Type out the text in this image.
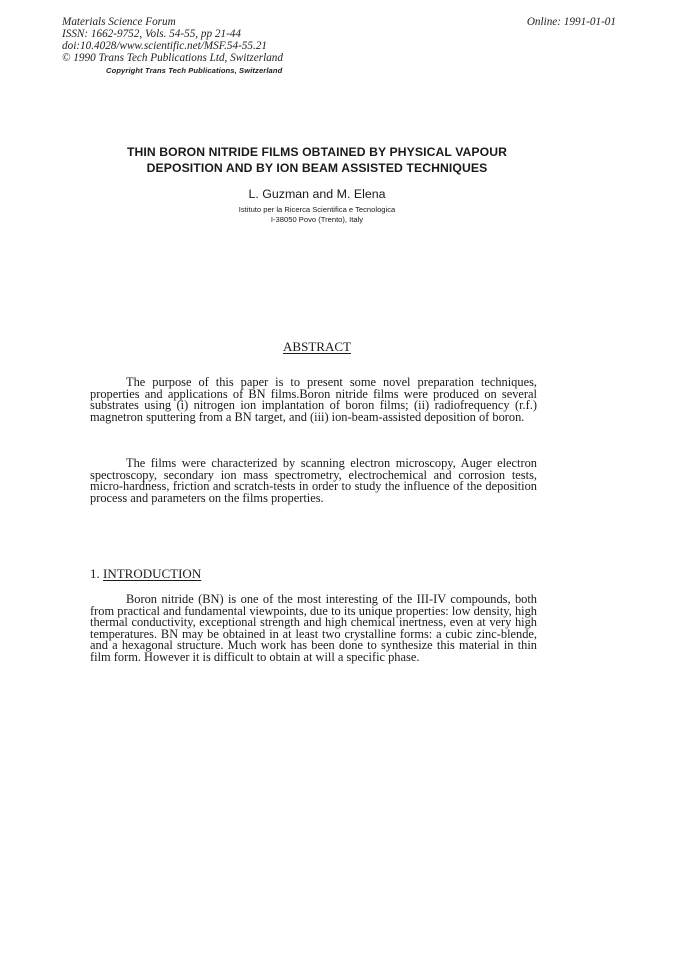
Materials Science Forum
ISSN: 1662-9752, Vols. 54-55, pp 21-44
doi:10.4028/www.scientific.net/MSF.54-55.21
© 1990 Trans Tech Publications Ltd, Switzerland
Copyright Trans Tech Publications, Switzerland
Online: 1991-01-01
THIN BORON NITRIDE FILMS OBTAINED BY PHYSICAL VAPOUR
DEPOSITION AND BY ION BEAM ASSISTED TECHNIQUES
L. Guzman and M. Elena
Istituto per la Ricerca Scientifica e Tecnologica
I-38050 Povo (Trento), Italy
ABSTRACT

The purpose of this paper is to present some novel preparation techniques, properties and applications of BN films.Boron nitride films were produced on several substrates using (i) nitrogen ion implantation of boron films; (ii) radiofrequency (r.f.) magnetron sputtering from a BN target, and (iii) ion-beam-assisted deposition of boron.

The films were characterized by scanning electron microscopy, Auger electron spectroscopy, secondary ion mass spectrometry, electrochemical and corrosion tests, micro-hardness, friction and scratch-tests in order to study the influence of the deposition process and parameters on the films properties.

1. INTRODUCTION

Boron nitride (BN) is one of the most interesting of the III-IV compounds, both from practical and fundamental viewpoints, due to its unique properties: low density, high thermal conductivity, exceptional strength and high chemical inertness, even at very high temperatures. BN may be obtained in at least two crystalline forms: a cubic zinc-blende, and a hexagonal structure. Much work has been done to synthesize this material in thin film form. However it is difficult to obtain at will a specific phase.
